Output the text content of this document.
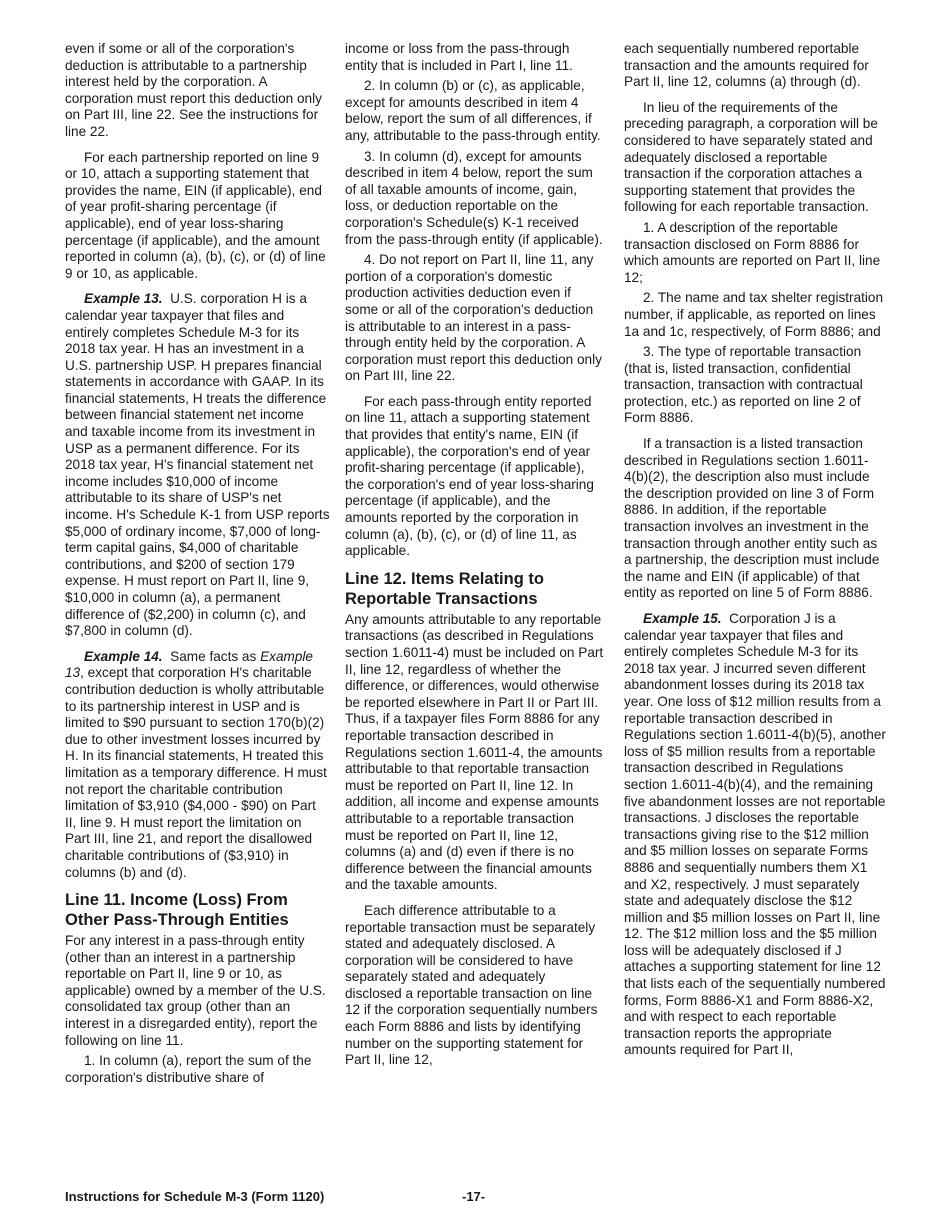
even if some or all of the corporation's deduction is attributable to a partnership interest held by the corporation. A corporation must report this deduction only on Part III, line 22. See the instructions for line 22.

For each partnership reported on line 9 or 10, attach a supporting statement that provides the name, EIN (if applicable), end of year profit-sharing percentage (if applicable), end of year loss-sharing percentage (if applicable), and the amount reported in column (a), (b), (c), or (d) of line 9 or 10, as applicable.

Example 13. U.S. corporation H is a calendar year taxpayer that files and entirely completes Schedule M-3 for its 2018 tax year. H has an investment in a U.S. partnership USP. H prepares financial statements in accordance with GAAP. In its financial statements, H treats the difference between financial statement net income and taxable income from its investment in USP as a permanent difference. For its 2018 tax year, H's financial statement net income includes $10,000 of income attributable to its share of USP's net income. H's Schedule K-1 from USP reports $5,000 of ordinary income, $7,000 of long-term capital gains, $4,000 of charitable contributions, and $200 of section 179 expense. H must report on Part II, line 9, $10,000 in column (a), a permanent difference of ($2,200) in column (c), and $7,800 in column (d).

Example 14. Same facts as Example 13, except that corporation H's charitable contribution deduction is wholly attributable to its partnership interest in USP and is limited to $90 pursuant to section 170(b)(2) due to other investment losses incurred by H. In its financial statements, H treated this limitation as a temporary difference. H must not report the charitable contribution limitation of $3,910 ($4,000 - $90) on Part II, line 9. H must report the limitation on Part III, line 21, and report the disallowed charitable contributions of ($3,910) in columns (b) and (d).

Line 11. Income (Loss) From Other Pass-Through Entities

For any interest in a pass-through entity (other than an interest in a partnership reportable on Part II, line 9 or 10, as applicable) owned by a member of the U.S. consolidated tax group (other than an interest in a disregarded entity), report the following on line 11.

1. In column (a), report the sum of the corporation's distributive share of

income or loss from the pass-through entity that is included in Part I, line 11.

2. In column (b) or (c), as applicable, except for amounts described in item 4 below, report the sum of all differences, if any, attributable to the pass-through entity.

3. In column (d), except for amounts described in item 4 below, report the sum of all taxable amounts of income, gain, loss, or deduction reportable on the corporation's Schedule(s) K-1 received from the pass-through entity (if applicable).

4. Do not report on Part II, line 11, any portion of a corporation's domestic production activities deduction even if some or all of the corporation's deduction is attributable to an interest in a pass-through entity held by the corporation. A corporation must report this deduction only on Part III, line 22.

For each pass-through entity reported on line 11, attach a supporting statement that provides that entity's name, EIN (if applicable), the corporation's end of year profit-sharing percentage (if applicable), the corporation's end of year loss-sharing percentage (if applicable), and the amounts reported by the corporation in column (a), (b), (c), or (d) of line 11, as applicable.

Line 12. Items Relating to Reportable Transactions

Any amounts attributable to any reportable transactions (as described in Regulations section 1.6011-4) must be included on Part II, line 12, regardless of whether the difference, or differences, would otherwise be reported elsewhere in Part II or Part III. Thus, if a taxpayer files Form 8886 for any reportable transaction described in Regulations section 1.6011-4, the amounts attributable to that reportable transaction must be reported on Part II, line 12. In addition, all income and expense amounts attributable to a reportable transaction must be reported on Part II, line 12, columns (a) and (d) even if there is no difference between the financial amounts and the taxable amounts.

Each difference attributable to a reportable transaction must be separately stated and adequately disclosed. A corporation will be considered to have separately stated and adequately disclosed a reportable transaction on line 12 if the corporation sequentially numbers each Form 8886 and lists by identifying number on the supporting statement for Part II, line 12,

each sequentially numbered reportable transaction and the amounts required for Part II, line 12, columns (a) through (d).

In lieu of the requirements of the preceding paragraph, a corporation will be considered to have separately stated and adequately disclosed a reportable transaction if the corporation attaches a supporting statement that provides the following for each reportable transaction.

1. A description of the reportable transaction disclosed on Form 8886 for which amounts are reported on Part II, line 12;

2. The name and tax shelter registration number, if applicable, as reported on lines 1a and 1c, respectively, of Form 8886; and

3. The type of reportable transaction (that is, listed transaction, confidential transaction, transaction with contractual protection, etc.) as reported on line 2 of Form 8886.

If a transaction is a listed transaction described in Regulations section 1.6011-4(b)(2), the description also must include the description provided on line 3 of Form 8886. In addition, if the reportable transaction involves an investment in the transaction through another entity such as a partnership, the description must include the name and EIN (if applicable) of that entity as reported on line 5 of Form 8886.

Example 15. Corporation J is a calendar year taxpayer that files and entirely completes Schedule M-3 for its 2018 tax year. J incurred seven different abandonment losses during its 2018 tax year. One loss of $12 million results from a reportable transaction described in Regulations section 1.6011-4(b)(5), another loss of $5 million results from a reportable transaction described in Regulations section 1.6011-4(b)(4), and the remaining five abandonment losses are not reportable transactions. J discloses the reportable transactions giving rise to the $12 million and $5 million losses on separate Forms 8886 and sequentially numbers them X1 and X2, respectively. J must separately state and adequately disclose the $12 million and $5 million losses on Part II, line 12. The $12 million loss and the $5 million loss will be adequately disclosed if J attaches a supporting statement for line 12 that lists each of the sequentially numbered forms, Form 8886-X1 and Form 8886-X2, and with respect to each reportable transaction reports the appropriate amounts required for Part II,

Instructions for Schedule M-3 (Form 1120)	-17-
